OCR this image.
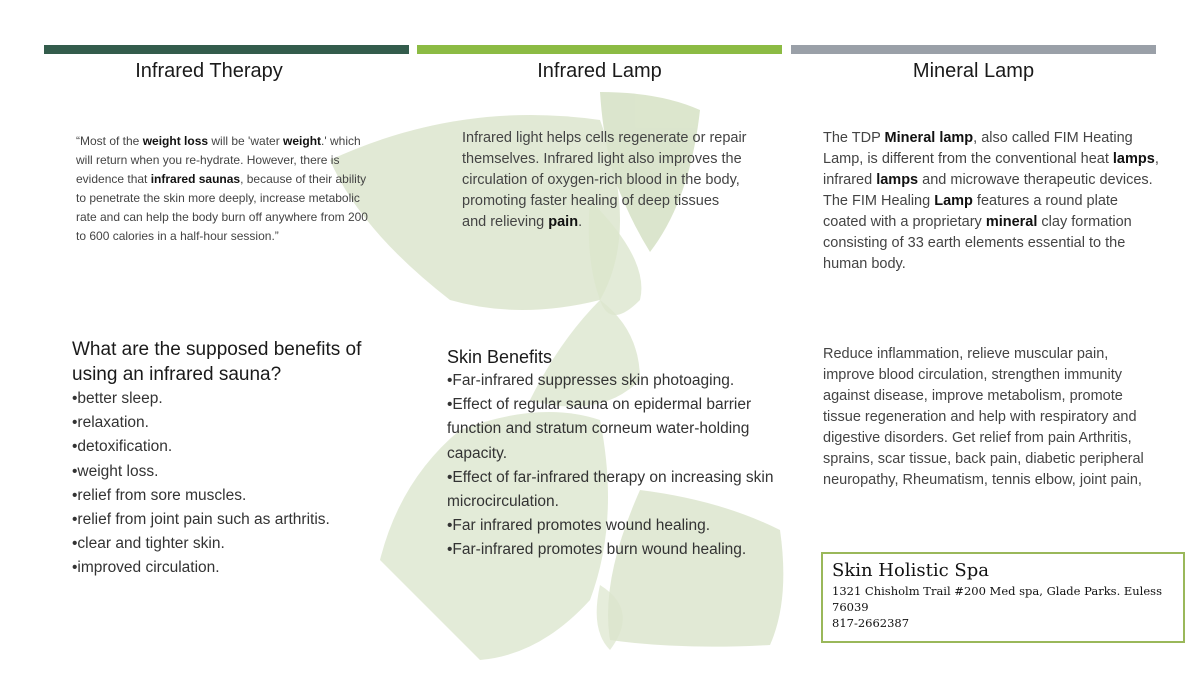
Infrared Therapy	Infrared Lamp	Mineral Lamp
“Most of the weight loss will be 'water weight.' which will return when you re-hydrate. However, there is evidence that infrared saunas, because of their ability to penetrate the skin more deeply, increase metabolic rate and can help the body burn off anywhere from 200 to 600 calories in a half-hour session.”
What are the supposed benefits of using an infrared sauna?
•better sleep.
•relaxation.
•detoxification.
•weight loss.
•relief from sore muscles.
•relief from joint pain such as arthritis.
•clear and tighter skin.
•improved circulation.
Infrared light helps cells regenerate or repair themselves. Infrared light also improves the circulation of oxygen-rich blood in the body, promoting faster healing of deep tissues and relieving pain.
Skin Benefits
•Far-infrared suppresses skin photoaging.
•Effect of regular sauna on epidermal barrier function and stratum corneum water-holding capacity.
•Effect of far-infrared therapy on increasing skin microcirculation.
•Far infrared promotes wound healing.
•Far-infrared promotes burn wound healing.
The TDP Mineral lamp, also called FIM Heating Lamp, is different from the conventional heat lamps, infrared lamps and microwave therapeutic devices. The FIM Healing Lamp features a round plate coated with a proprietary mineral clay formation consisting of 33 earth elements essential to the human body.
Reduce inflammation, relieve muscular pain, improve blood circulation, strengthen immunity against disease, improve metabolism, promote tissue regeneration and help with respiratory and digestive disorders. Get relief from pain Arthritis, sprains, scar tissue, back pain, diabetic peripheral neuropathy, Rheumatism, tennis elbow, joint pain,
Skin Holistic Spa
1321 Chisholm Trail #200 Med spa, Glade Parks. Euless 76039
817-2662387
